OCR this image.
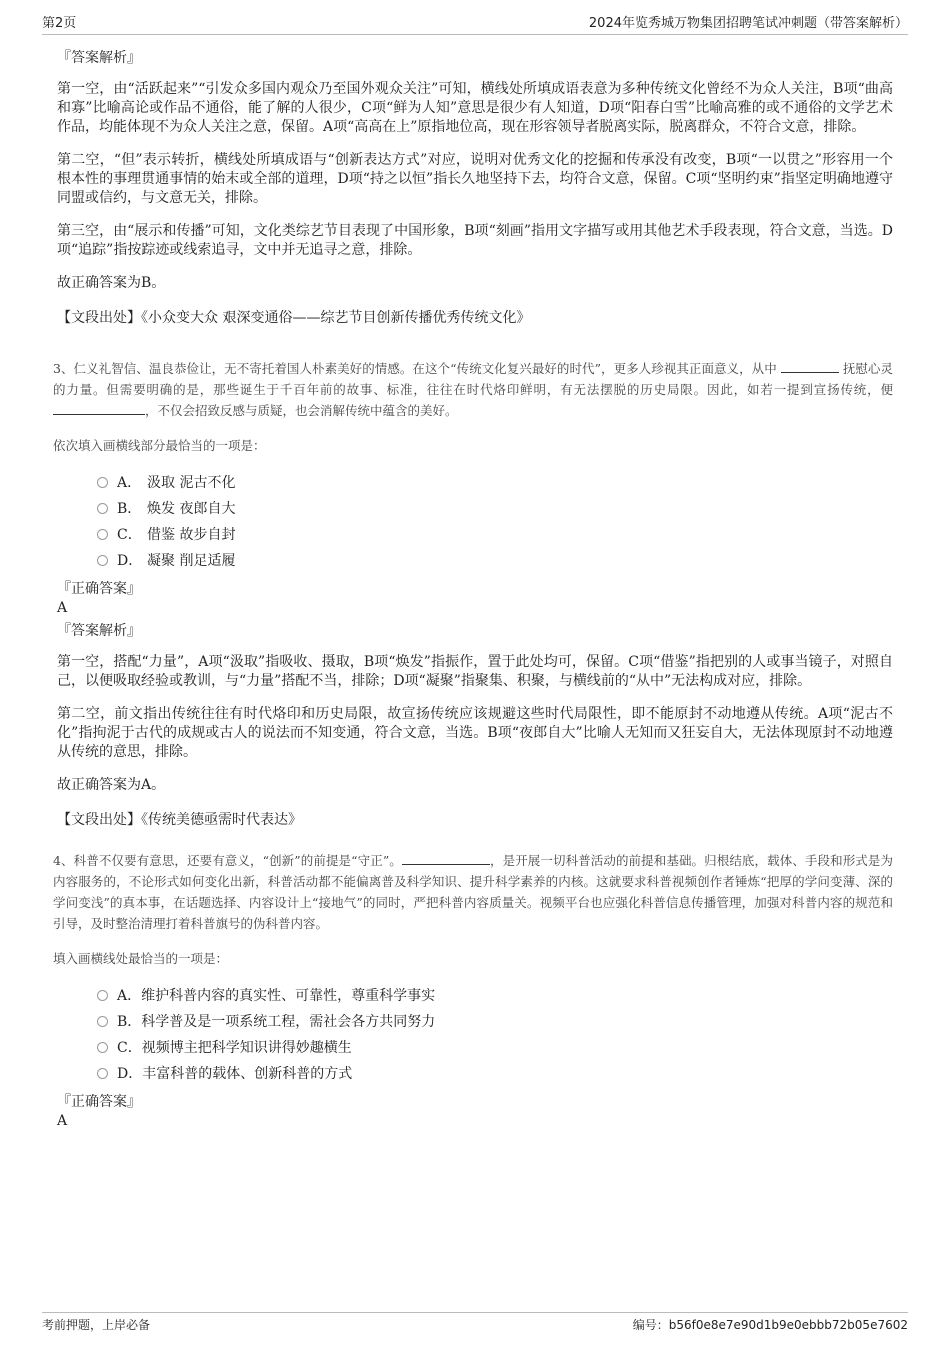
第2页	2024年览秀城万物集团招聘笔试冲刺题（带答案解析）
『答案解析』

第一空，由“活跃起来”“引发众多国内观众乃至国外观众关注”可知，横线处所填成语表意为多种传统文化曾经不为众人关注，B项“曲高和寡”比喻高论或作品不通俗，能了解的人很少，C项“鲜为人知”意思是很少有人知道，D项“阳春白雪”比喻高雅的或不通俗的文学艺术作品，均能体现不为众人关注之意，保留。A项“高高在上”原指地位高，现在形容领导者脱离实际，脱离群众，不符合文意，排除。

第二空，“但”表示转折，横线处所填成语与“创新表达方式”对应，说明对优秀文化的挖掘和传承没有改变，B项“一以贯之”形容用一个根本性的事理贯通事情的始末或全部的道理，D项“持之以恒”指长久地坚持下去，均符合文意，保留。C项“坚明约束”指坚定明确地遵守同盟或信约，与文意无关，排除。

第三空，由“展示和传播”可知，文化类综艺节目表现了中国形象，B项“刻画”指用文字描写或用其他艺术手段表现，符合文意，当选。D项“追踪”指按踪迹或线索追寻，文中并无追寻之意，排除。

故正确答案为B。

【文段出处】《小众变大众 艰深变通俗——综艺节目创新传播优秀传统文化》

3、仁义礼智信、温良恭俭让，无不寄托着国人朴素美好的情感。在这个“传统文化复兴最好的时代”，更多人珍视其正面意义，从中	抚慰心灵的力量。但需要明确的是，那些诞生于千百年前的故事、标准，往往在时代烙印鲜明，有无法摆脱的历史局限。因此，如若一提到宣扬传统，便 ，不仅会招致反感与质疑，也会消解传统中蕴含的美好。

依次填入画横线部分最恰当的一项是：

A． 汲取 泥古不化
B． 焕发 夜郎自大
C． 借鉴 故步自封
D． 凝聚 削足适履
『正确答案』
A
『答案解析』

第一空，搭配“力量”，A项“汲取”指吸收、摄取，B项“焕发”指振作，置于此处均可，保留。C项“借鉴”指把别的人或事当镜子，对照自己，以便吸取经验或教训，与“力量”搭配不当，排除；D项“凝聚”指聚集、积聚，与横线前的“从中”无法构成对应，排除。

第二空，前文指出传统往往有时代烙印和历史局限，故宣扬传统应该规避这些时代局限性，即不能原封不动地遵从传统。A项“泥古不化”指拘泥于古代的成规或古人的说法而不知变通，符合文意，当选。B项“夜郎自大”比喻人无知而又狂妄自大，无法体现原封不动地遵从传统的意思，排除。

故正确答案为A。

【文段出处】《传统美德亟需时代表达》

4、科普不仅要有意思，还要有意义，“创新”的前提是“守正”。	，是开展一切科普活动的前提和基础。归根结底，载体、手段和形式是为内容服务的，不论形式如何变化出新，科普活动都不能偏离普及科学知识、提升科学素养的内核。这就要求科普视频创作者锤炼“把厚的学问变薄、深的学问变浅”的真本事，在话题选择、内容设计上“接地气”的同时，严把科普内容质量关。视频平台也应强化科普信息传播管理，加强对科普内容的规范和引导，及时整治清理打着科普旗号的伪科普内容。

填入画横线处最恰当的一项是：

A． 维护科普内容的真实性、可靠性，尊重科学事实
B． 科学普及是一项系统工程，需社会各方共同努力
C． 视频博主把科学知识讲得妙趣横生
D． 丰富科普的载体、创新科普的方式
『正确答案』
A
考前押题，上岸必备	编号：b56f0e8e7e90d1b9e0ebbb72b05e7602
